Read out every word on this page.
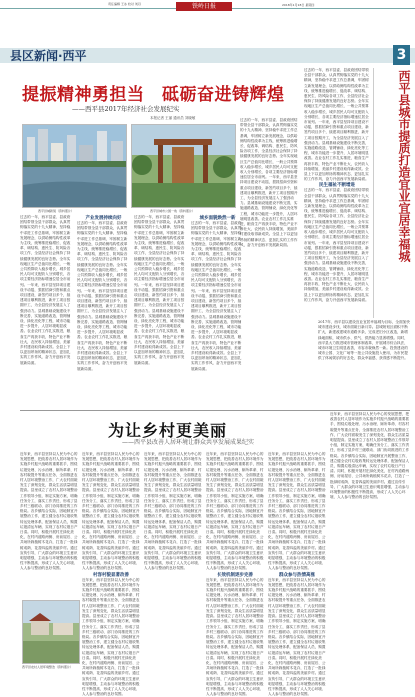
责任编辑 王冰 校对 刘丹	铁岭日报	2018年1月18日 星期四
县区新闻·西平	3
提振精神勇担当　砥砺奋进铸辉煌
——西平县2017年经济社会发展纪实
本报记者 王丽 通讯员 刘晓敏
西平县城新貌（资料照片）	西平县城市公园一角（资料照片）
过去的一年，西平县委、县政府团结带领全县干部群众，认真贯彻落实党的十九大精神，坚持稳中求进工作总基调，牢固树立新发展理念，以供给侧结构性改革为主线，统筹推进稳增长、促改革、调结构、惠民生、防风险各项工作，全县经济社会保持了持续健康发展的良好态势。全年实现地区生产总值同比增长，一般公共预算收入稳步增长，城乡居民人均可支配收入分别增长，各项主要经济指标增速位居全市前列。一年来，西平县坚持项目建设不动摇，狠抓招商引资和重点项目建设，新签约项目多个，续建项目顺利推进，新开工项目按期开工，为全县经济发展注入了强劲动力。县城基础设施建设不断完善，实施道路改造、管网铺设、绿化亮化等工程，城市功能进一步提升，人居环境明显改善。农业农村工作扎实推进，粮食生产再获丰收，特色产业不断壮大，农民收入持续增加，美丽乡村建设取得新成效。全县上下以更加昂扬的精神状态、更加扎实的工作作风，奋力开创西平发展新局面。
产业发展持续向好
过去的一年，西平县委、县政府团结带领全县干部群众，认真贯彻落实党的十九大精神，坚持稳中求进工作总基调，牢固树立新发展理念，以供给侧结构性改革为主线，统筹推进稳增长、促改革、调结构、惠民生、防风险各项工作，全县经济社会保持了持续健康发展的良好态势。全年实现地区生产总值同比增长，一般公共预算收入稳步增长，城乡居民人均可支配收入分别增长，各项主要经济指标增速位居全市前列。一年来，西平县坚持项目建设不动摇，狠抓招商引资和重点项目建设，新签约项目多个，续建项目顺利推进，新开工项目按期开工，为全县经济发展注入了强劲动力。县城基础设施建设不断完善，实施道路改造、管网铺设、绿化亮化等工程，城市功能进一步提升，人居环境明显改善。农业农村工作扎实推进，粮食生产再获丰收，特色产业不断壮大，农民收入持续增加，美丽乡村建设取得新成效。全县上下以更加昂扬的精神状态、更加扎实的工作作风，奋力开创西平发展新局面。
过去的一年，西平县委、县政府团结带领全县干部群众，认真贯彻落实党的十九大精神，坚持稳中求进工作总基调，牢固树立新发展理念，以供给侧结构性改革为主线，统筹推进稳增长、促改革、调结构、惠民生、防风险各项工作，全县经济社会保持了持续健康发展的良好态势。全年实现地区生产总值同比增长，一般公共预算收入稳步增长，城乡居民人均可支配收入分别增长，各项主要经济指标增速位居全市前列。一年来，西平县坚持项目建设不动摇，狠抓招商引资和重点项目建设，新签约项目多个，续建项目顺利推进，新开工项目按期开工，为全县经济发展注入了强劲动力。县城基础设施建设不断完善，实施道路改造、管网铺设、绿化亮化等工程，城市功能进一步提升，人居环境明显改善。农业农村工作扎实推进，粮食生产再获丰收，特色产业不断壮大，农民收入持续增加，美丽乡村建设取得新成效。全县上下以更加昂扬的精神状态、更加扎实的工作作风，奋力开创西平发展新局面。
城乡面貌焕然一新
过去的一年，西平县委、县政府团结带领全县干部群众，认真贯彻落实党的十九大精神，坚持稳中求进工作总基调，牢固树立新发展理念，以供给侧结构性改革为主线，统筹推进稳增长、促改革、调结构、惠民生、防风险各项工作，全县经济社会保持了持续健康发展的良好态势。全年实现地区生产总值同比增长，一般公共预算收入稳步增长，城乡居民人均可支配收入分别增长，各项主要经济指标增速位居全市前列。一年来，西平县坚持项目建设不动摇，狠抓招商引资和重点项目建设，新签约项目多个，续建项目顺利推进，新开工项目按期开工，为全县经济发展注入了强劲动力。县城基础设施建设不断完善，实施道路改造、管网铺设、绿化亮化等工程，城市功能进一步提升，人居环境明显改善。农业农村工作扎实推进，粮食生产再获丰收，特色产业不断壮大，农民收入持续增加，美丽乡村建设取得新成效。全县上下以更加昂扬的精神状态、更加扎实的工作作风，奋力开创西平发展新局面。
过去的一年，西平县委、县政府团结带领全县干部群众，认真贯彻落实党的十九大精神，坚持稳中求进工作总基调，牢固树立新发展理念，以供给侧结构性改革为主线，统筹推进稳增长、促改革、调结构、惠民生、防风险各项工作，全县经济社会保持了持续健康发展的良好态势。全年实现地区生产总值同比增长，一般公共预算收入稳步增长，城乡居民人均可支配收入分别增长，各项主要经济指标增速位居全市前列。一年来，西平县坚持项目建设不动摇，狠抓招商引资和重点项目建设，新签约项目多个，续建项目顺利推进，新开工项目按期开工，为全县经济发展注入了强劲动力。县城基础设施建设不断完善，实施道路改造、管网铺设、绿化亮化等工程，城市功能进一步提升，人居环境明显改善。农业农村工作扎实推进，粮食生产再获丰收，特色产业不断壮大，农民收入持续增加，美丽乡村建设取得新成效。全县上下以更加昂扬的精神状态、更加扎实的工作作风，奋力开创西平发展新局面。
过去的一年，西平县委、县政府团结带领全县干部群众，认真贯彻落实党的十九大精神，坚持稳中求进工作总基调，牢固树立新发展理念，以供给侧结构性改革为主线，统筹推进稳增长、促改革、调结构、惠民生、防风险各项工作，全县经济社会保持了持续健康发展的良好态势。全年实现地区生产总值同比增长，一般公共预算收入稳步增长，城乡居民人均可支配收入分别增长，各项主要经济指标增速位居全市前列。一年来，西平县坚持项目建设不动摇，狠抓招商引资和重点项目建设，新签约项目多个，续建项目顺利推进，新开工项目按期开工，为全县经济发展注入了强劲动力。县城基础设施建设不断完善，实施道路改造、管网铺设、绿化亮化等工程，城市功能进一步提升，人居环境明显改善。农业农村工作扎实推进，粮食生产再获丰收，特色产业不断壮大，农民收入持续增加，美丽乡村建设取得新成效。全县上下以更加昂扬的精神状态、更加扎实的工作作风，奋力开创西平发展新局面。
民生福祉不断增进
过去的一年，西平县委、县政府团结带领全县干部群众，认真贯彻落实党的十九大精神，坚持稳中求进工作总基调，牢固树立新发展理念，以供给侧结构性改革为主线，统筹推进稳增长、促改革、调结构、惠民生、防风险各项工作，全县经济社会保持了持续健康发展的良好态势。全年实现地区生产总值同比增长，一般公共预算收入稳步增长，城乡居民人均可支配收入分别增长，各项主要经济指标增速位居全市前列。一年来，西平县坚持项目建设不动摇，狠抓招商引资和重点项目建设，新签约项目多个，续建项目顺利推进，新开工项目按期开工，为全县经济发展注入了强劲动力。县城基础设施建设不断完善，实施道路改造、管网铺设、绿化亮化等工程，城市功能进一步提升，人居环境明显改善。农业农村工作扎实推进，粮食生产再获丰收，特色产业不断壮大，农民收入持续增加，美丽乡村建设取得新成效。全县上下以更加昂扬的精神状态、更加扎实的工作作风，奋力开创西平发展新局面。
西平县城市提质打造宜业宜居幸福城
2017年，西平县以建设宜业宜居幸福城为目标，全面加快城市建设步伐，城市面貌日新月异。县城规划区面积不断扩大，新建改建城市道路多条，完成老旧小区改造，新增绿地面积，城市供水、供气、供热能力显著增强。同时，西平县大力推进城市管理体制改革，开展城市综合执法，城市环境卫生明显改善，市容市貌焕然一新。投资建设的城市公园、文化广场等一批公共设施投入使用，为市民提供了休闲娱乐的好去处，群众幸福感、获得感不断提升。
为让乡村更美丽
——西平县改善人居环境让群众共享发展成果纪实
西平县农村人居环境整治（资料照片）
近年来，西平县坚持以人民为中心的发展思想，把改善农村人居环境作为实施乡村振兴战略的重要抓手，围绕垃圾处理、污水治理、厕所革命、村容村貌提升等重点任务，全面推进农村人居环境整治工作，广大农村面貌发生了深刻变化，群众生活质量明显提高。县里成立了农村人居环境整治工作领导小组，制定实施方案，明确任务分工，落实工作责任，形成了县乡村三级联动、部门协同推进的工作格局。各乡镇结合实际，因地制宜开展整治工作，建立健全农村垃圾收集转运处理体系，配备保洁人员，购置垃圾清运车辆，实现了农村垃圾日产日清。同时，积极开展村庄绿化美化，在村内道路两侧、房前屋后、公共场所栽植树木花卉，打造了一批绿树成荫、花香四溢的美丽乡村。通过宣传引导，广大群众的环境卫生意识明显增强，主动参与环境整治的积极性不断提高，形成了人人关心环境、人人参与整治的良好氛围。
近年来，西平县坚持以人民为中心的发展思想，把改善农村人居环境作为实施乡村振兴战略的重要抓手，围绕垃圾处理、污水治理、厕所革命、村容村貌提升等重点任务，全面推进农村人居环境整治工作，广大农村面貌发生了深刻变化，群众生活质量明显提高。县里成立了农村人居环境整治工作领导小组，制定实施方案，明确任务分工，落实工作责任，形成了县乡村三级联动、部门协同推进的工作格局。各乡镇结合实际，因地制宜开展整治工作，建立健全农村垃圾收集转运处理体系，配备保洁人员，购置垃圾清运车辆，实现了农村垃圾日产日清。同时，积极开展村庄绿化美化，在村内道路两侧、房前屋后、公共场所栽植树木花卉，打造了一批绿树成荫、花香四溢的美丽乡村。通过宣传引导，广大群众的环境卫生意识明显增强，主动参与环境整治的积极性不断提高，形成了人人关心环境、人人参与整治的良好氛围。
村容村貌显著改善
近年来，西平县坚持以人民为中心的发展思想，把改善农村人居环境作为实施乡村振兴战略的重要抓手，围绕垃圾处理、污水治理、厕所革命、村容村貌提升等重点任务，全面推进农村人居环境整治工作，广大农村面貌发生了深刻变化，群众生活质量明显提高。县里成立了农村人居环境整治工作领导小组，制定实施方案，明确任务分工，落实工作责任，形成了县乡村三级联动、部门协同推进的工作格局。各乡镇结合实际，因地制宜开展整治工作，建立健全农村垃圾收集转运处理体系，配备保洁人员，购置垃圾清运车辆，实现了农村垃圾日产日清。同时，积极开展村庄绿化美化，在村内道路两侧、房前屋后、公共场所栽植树木花卉，打造了一批绿树成荫、花香四溢的美丽乡村。通过宣传引导，广大群众的环境卫生意识明显增强，主动参与环境整治的积极性不断提高，形成了人人关心环境、人人参与整治的良好氛围。
近年来，西平县坚持以人民为中心的发展思想，把改善农村人居环境作为实施乡村振兴战略的重要抓手，围绕垃圾处理、污水治理、厕所革命、村容村貌提升等重点任务，全面推进农村人居环境整治工作，广大农村面貌发生了深刻变化，群众生活质量明显提高。县里成立了农村人居环境整治工作领导小组，制定实施方案，明确任务分工，落实工作责任，形成了县乡村三级联动、部门协同推进的工作格局。各乡镇结合实际，因地制宜开展整治工作，建立健全农村垃圾收集转运处理体系，配备保洁人员，购置垃圾清运车辆，实现了农村垃圾日产日清。同时，积极开展村庄绿化美化，在村内道路两侧、房前屋后、公共场所栽植树木花卉，打造了一批绿树成荫、花香四溢的美丽乡村。通过宣传引导，广大群众的环境卫生意识明显增强，主动参与环境整治的积极性不断提高，形成了人人关心环境、人人参与整治的良好氛围。
近年来，西平县坚持以人民为中心的发展思想，把改善农村人居环境作为实施乡村振兴战略的重要抓手，围绕垃圾处理、污水治理、厕所革命、村容村貌提升等重点任务，全面推进农村人居环境整治工作，广大农村面貌发生了深刻变化，群众生活质量明显提高。县里成立了农村人居环境整治工作领导小组，制定实施方案，明确任务分工，落实工作责任，形成了县乡村三级联动、部门协同推进的工作格局。各乡镇结合实际，因地制宜开展整治工作，建立健全农村垃圾收集转运处理体系，配备保洁人员，购置垃圾清运车辆，实现了农村垃圾日产日清。同时，积极开展村庄绿化美化，在村内道路两侧、房前屋后、公共场所栽植树木花卉，打造了一批绿树成荫、花香四溢的美丽乡村。通过宣传引导，广大群众的环境卫生意识明显增强，主动参与环境整治的积极性不断提高，形成了人人关心环境、人人参与整治的良好氛围。
长效机制逐步完善
近年来，西平县坚持以人民为中心的发展思想，把改善农村人居环境作为实施乡村振兴战略的重要抓手，围绕垃圾处理、污水治理、厕所革命、村容村貌提升等重点任务，全面推进农村人居环境整治工作，广大农村面貌发生了深刻变化，群众生活质量明显提高。县里成立了农村人居环境整治工作领导小组，制定实施方案，明确任务分工，落实工作责任，形成了县乡村三级联动、部门协同推进的工作格局。各乡镇结合实际，因地制宜开展整治工作，建立健全农村垃圾收集转运处理体系，配备保洁人员，购置垃圾清运车辆，实现了农村垃圾日产日清。同时，积极开展村庄绿化美化，在村内道路两侧、房前屋后、公共场所栽植树木花卉，打造了一批绿树成荫、花香四溢的美丽乡村。通过宣传引导，广大群众的环境卫生意识明显增强，主动参与环境整治的积极性不断提高，形成了人人关心环境、人人参与整治的良好氛围。
近年来，西平县坚持以人民为中心的发展思想，把改善农村人居环境作为实施乡村振兴战略的重要抓手，围绕垃圾处理、污水治理、厕所革命、村容村貌提升等重点任务，全面推进农村人居环境整治工作，广大农村面貌发生了深刻变化，群众生活质量明显提高。县里成立了农村人居环境整治工作领导小组，制定实施方案，明确任务分工，落实工作责任，形成了县乡村三级联动、部门协同推进的工作格局。各乡镇结合实际，因地制宜开展整治工作，建立健全农村垃圾收集转运处理体系，配备保洁人员，购置垃圾清运车辆，实现了农村垃圾日产日清。同时，积极开展村庄绿化美化，在村内道路两侧、房前屋后、公共场所栽植树木花卉，打造了一批绿树成荫、花香四溢的美丽乡村。通过宣传引导，广大群众的环境卫生意识明显增强，主动参与环境整治的积极性不断提高，形成了人人关心环境、人人参与整治的良好氛围。
群众参与热情高涨
近年来，西平县坚持以人民为中心的发展思想，把改善农村人居环境作为实施乡村振兴战略的重要抓手，围绕垃圾处理、污水治理、厕所革命、村容村貌提升等重点任务，全面推进农村人居环境整治工作，广大农村面貌发生了深刻变化，群众生活质量明显提高。县里成立了农村人居环境整治工作领导小组，制定实施方案，明确任务分工，落实工作责任，形成了县乡村三级联动、部门协同推进的工作格局。各乡镇结合实际，因地制宜开展整治工作，建立健全农村垃圾收集转运处理体系，配备保洁人员，购置垃圾清运车辆，实现了农村垃圾日产日清。同时，积极开展村庄绿化美化，在村内道路两侧、房前屋后、公共场所栽植树木花卉，打造了一批绿树成荫、花香四溢的美丽乡村。通过宣传引导，广大群众的环境卫生意识明显增强，主动参与环境整治的积极性不断提高，形成了人人关心环境、人人参与整治的良好氛围。
近年来，西平县坚持以人民为中心的发展思想，把改善农村人居环境作为实施乡村振兴战略的重要抓手，围绕垃圾处理、污水治理、厕所革命、村容村貌提升等重点任务，全面推进农村人居环境整治工作，广大农村面貌发生了深刻变化，群众生活质量明显提高。县里成立了农村人居环境整治工作领导小组，制定实施方案，明确任务分工，落实工作责任，形成了县乡村三级联动、部门协同推进的工作格局。各乡镇结合实际，因地制宜开展整治工作，建立健全农村垃圾收集转运处理体系，配备保洁人员，购置垃圾清运车辆，实现了农村垃圾日产日清。同时，积极开展村庄绿化美化，在村内道路两侧、房前屋后、公共场所栽植树木花卉，打造了一批绿树成荫、花香四溢的美丽乡村。通过宣传引导，广大群众的环境卫生意识明显增强，主动参与环境整治的积极性不断提高，形成了人人关心环境、人人参与整治的良好氛围。
